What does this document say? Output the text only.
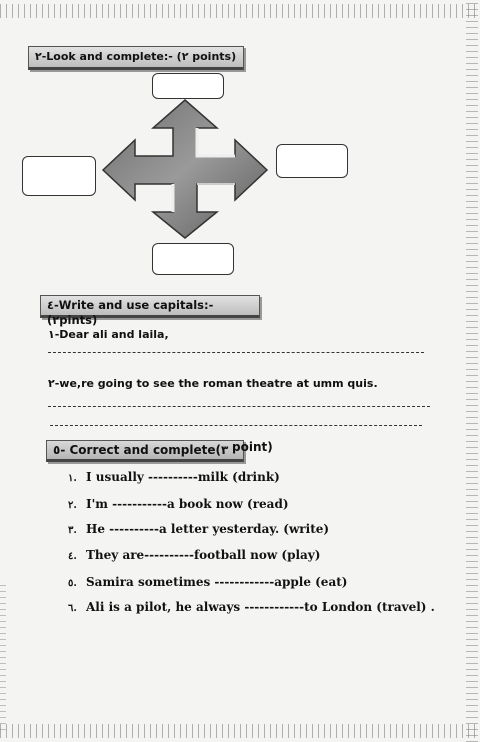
٢-Look and complete:- (٢ points)
٤-Write and use capitals:-(٢pints)
١-Dear ali and laila,
٢-we,re going to see the roman theatre at umm quis.
٥- Correct and complete(٣ point)
١. I usually ----------milk (drink)
٢. I'm -----------a book now (read)
٣. He ----------a letter yesterday. (write)
٤. They are----------football now (play)
٥. Samira sometimes ------------apple (eat)
٦. Ali is a pilot, he always ------------to London (travel) .
